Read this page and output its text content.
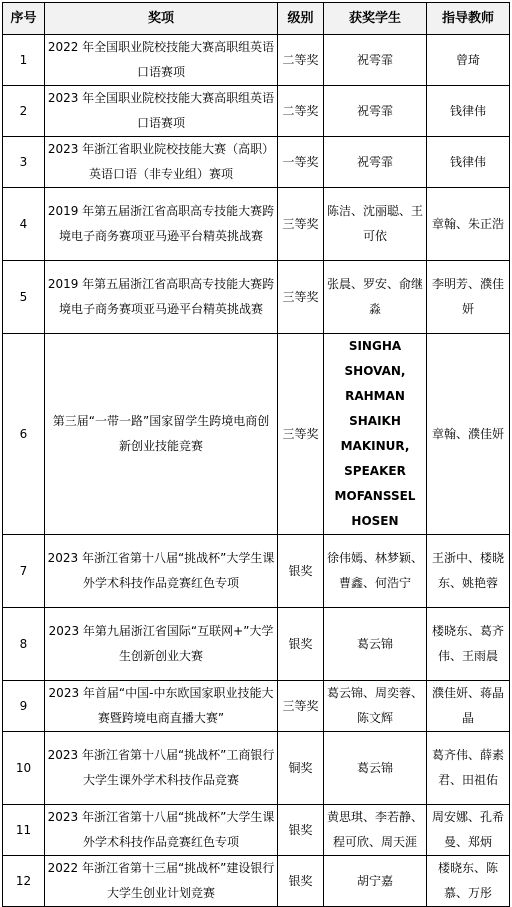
序号	奖项	级别	获奖学生	指导教师
1	2022 年全国职业院校技能大赛高职组英语口语赛项	二等奖	祝雩霏	曾琦
2	2023 年全国职业院校技能大赛高职组英语口语赛项	二等奖	祝雩霏	钱律伟
3	2023 年浙江省职业院校技能大赛（高职）英语口语（非专业组）赛项	一等奖	祝雩霏	钱律伟
4	2019 年第五届浙江省高职高专技能大赛跨境电子商务赛项亚马逊平台精英挑战赛	三等奖	陈洁、沈丽聪、王可依	章翰、朱正浩
5	2019 年第五届浙江省高职高专技能大赛跨境电子商务赛项亚马逊平台精英挑战赛	三等奖	张晨、罗安、俞继淼	李明芳、濮佳妍
6	第三届“一带一路”国家留学生跨境电商创新创业技能竞赛	三等奖	SINGHA SHOVAN, RAHMAN SHAIKH MAKINUR, SPEAKER MOFANSSEL HOSEN	章翰、濮佳妍
7	2023 年浙江省第十八届“挑战杯”大学生课外学术科技作品竞赛红色专项	银奖	徐伟嫣、林梦颖、曹鑫、何浩宁	王浙中、楼晓东、姚艳蓉
8	2023 年第九届浙江省国际“互联网+”大学生创新创业大赛	银奖	葛云锦	楼晓东、葛齐伟、王雨晨
9	2023 年首届“中国-中东欧国家职业技能大赛暨跨境电商直播大赛”	三等奖	葛云锦、周奕蓉、陈文辉	濮佳妍、蒋晶晶
10	2023 年浙江省第十八届“挑战杯”工商银行大学生课外学术科技作品竞赛	铜奖	葛云锦	葛齐伟、薛素君、田祖佑
11	2023 年浙江省第十八届“挑战杯”大学生课外学术科技作品竞赛红色专项	银奖	黄思琪、李若静、程可欣、周天涯	周安娜、孔希曼、郑炳
12	2022 年浙江省第十三届“挑战杯”建设银行大学生创业计划竞赛	银奖	胡宁嘉	楼晓东、陈慕、万彤
